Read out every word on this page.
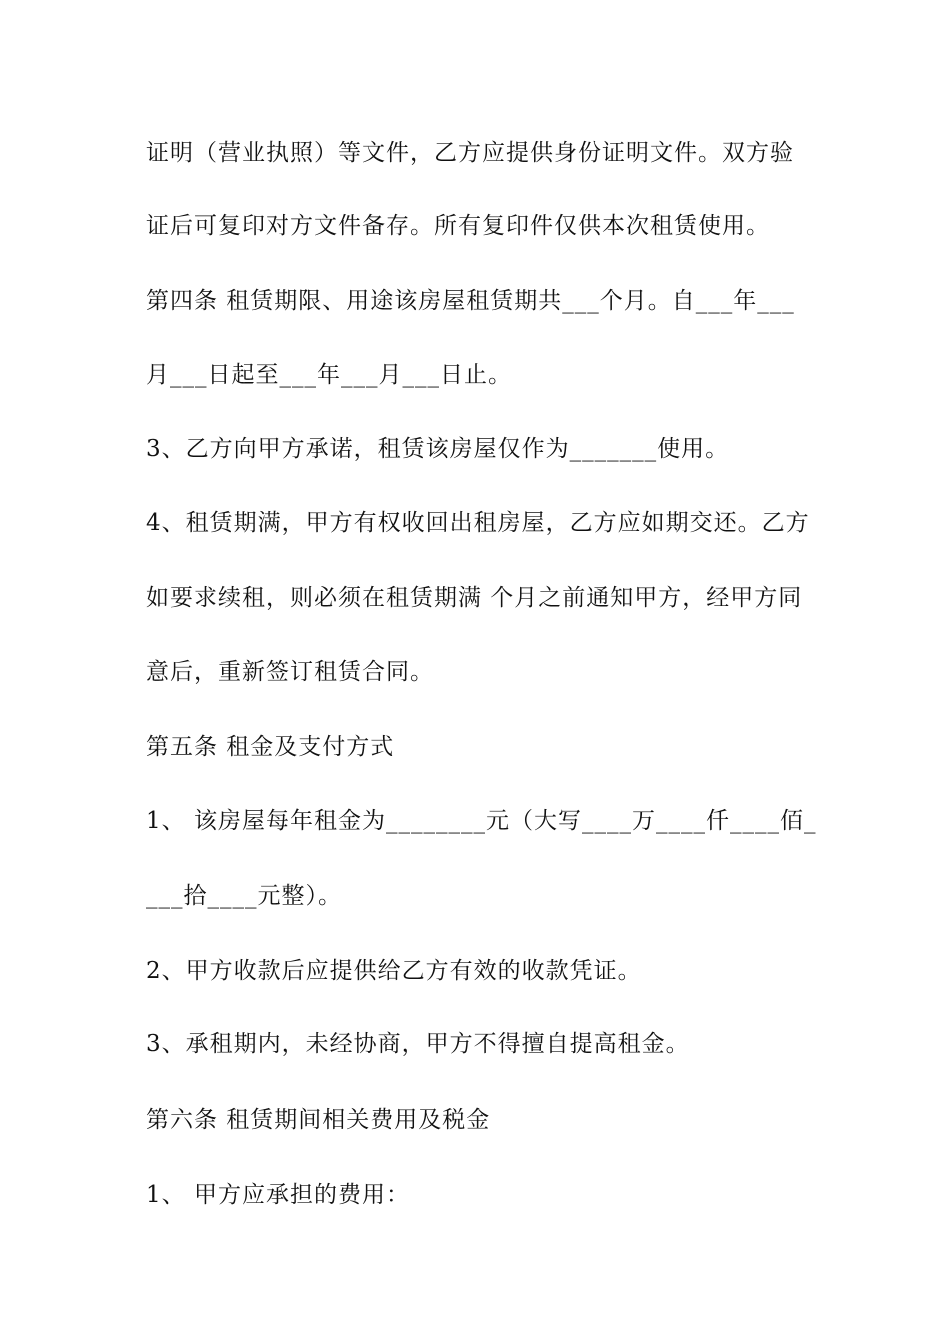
证明（营业执照）等文件，乙方应提供身份证明文件。双方验
证后可复印对方文件备存。所有复印件仅供本次租赁使用。
第四条 租赁期限、用途该房屋租赁期共___个月。自___年___
月___日起至___年___月___日止。
3、乙方向甲方承诺，租赁该房屋仅作为_______使用。
4、租赁期满，甲方有权收回出租房屋，乙方应如期交还。乙方
如要求续租，则必须在租赁期满 个月之前通知甲方，经甲方同
意后，重新签订租赁合同。
第五条 租金及支付方式
1、 该房屋每年租金为________元（大写____万____仟____佰_
___拾____元整）。
2、甲方收款后应提供给乙方有效的收款凭证。
3、承租期内，未经协商，甲方不得擅自提高租金。
第六条 租赁期间相关费用及税金
1、 甲方应承担的费用：
